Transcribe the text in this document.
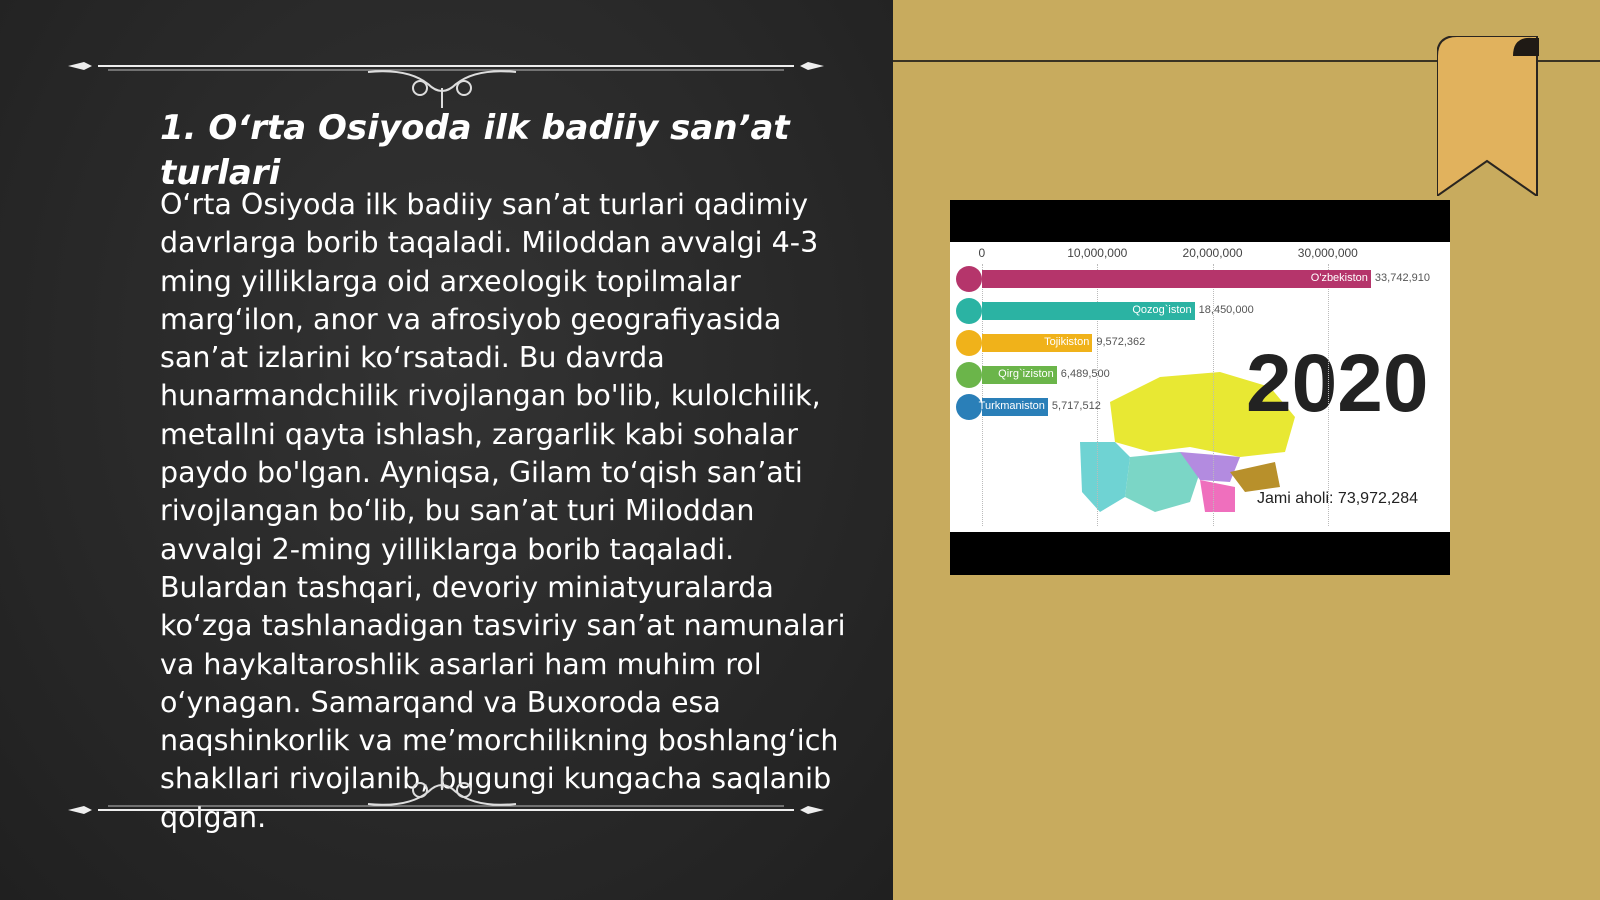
1. O‘rta Osiyoda ilk badiiy san’at turlari

O‘rta Osiyoda ilk badiiy san’at turlari qadimiy davrlarga borib taqaladi. Miloddan avvalgi 4-3 ming yilliklarga oid arxeologik topilmalar marg‘ilon, anor va afrosiyob geografiyasida san’at izlarini ko‘rsatadi. Bu davrda hunarmandchilik rivojlangan bo'lib, kulolchilik, metallni qayta ishlash, zargarlik kabi sohalar paydo bo'lgan. Ayniqsa, Gilam to‘qish san’ati rivojlangan bo‘lib, bu san’at turi Miloddan avvalgi 2-ming yilliklarga borib taqaladi. Bulardan tashqari, devoriy miniatyuralarda ko‘zga tashlanadigan tasviriy san’at namunalari va haykaltaroshlik asarlari ham muhim rol o‘ynagan. Samarqand va Buxoroda esa naqshinkorlik va me’morchilikning boshlang‘ich shakllari rivojlanib, bugungi kungacha saqlanib qolgan.

2020
Jami aholi: 73,972,284
0	10,000,000	20,000,000	30,000,000
O'zbekiston 33,742,910
Qozog`iston 18,450,000
Tojikiston 9,572,362
Qirg`iziston 6,489,500
Turkmaniston 5,717,512
